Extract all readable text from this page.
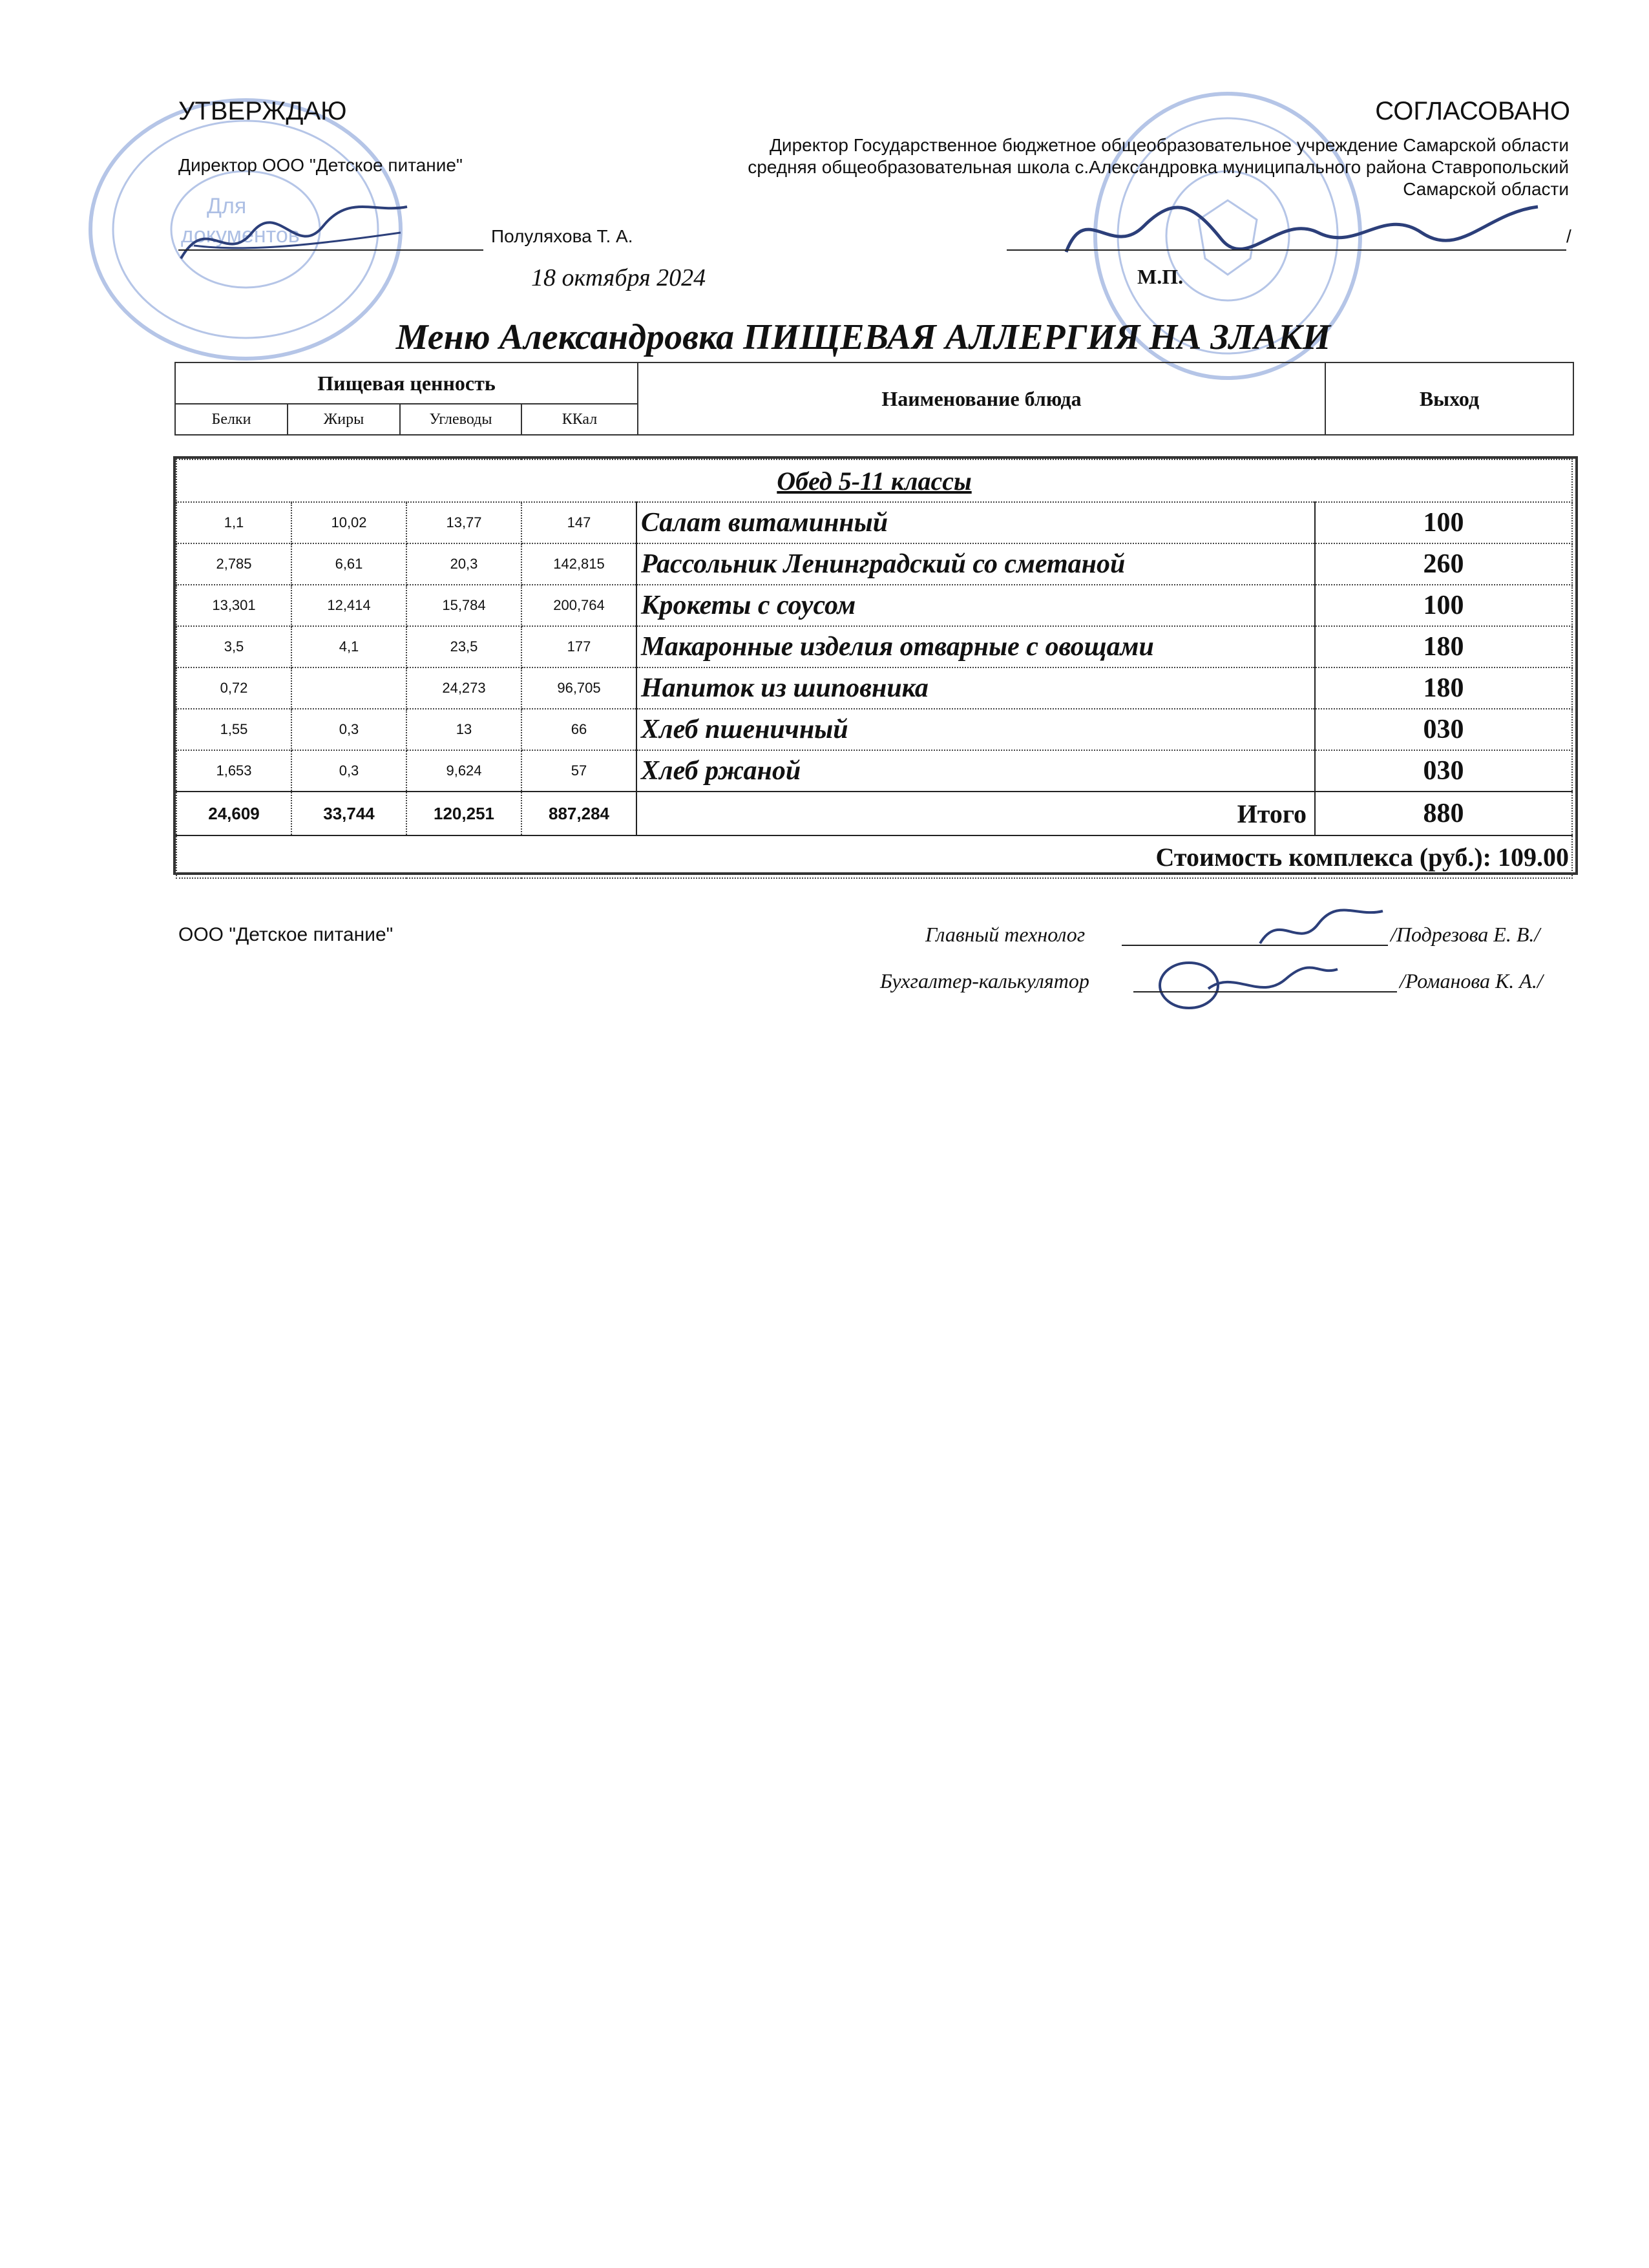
Для
документов
УТВЕРЖДАЮ
Директор ООО "Детское питание"
Полуляхова Т. А.
18 октября 2024
СОГЛАСОВАНО
Директор Государственное бюджетное общеобразовательное учреждение Самарской области средняя общеобразовательная школа с.Александровка муниципального района Ставропольский Самарской области
/
М.П.
Меню Александровка ПИЩЕВАЯ АЛЛЕРГИЯ НА ЗЛАКИ
Пищевая ценность				Наименование блюда	Выход
Белки	Жиры	Углеводы	ККал		
Обед 5-11 классы					
1,1	10,02	13,77	147	Салат витаминный	100
2,785	6,61	20,3	142,815	Рассольник Ленинградский со сметаной	260
13,301	12,414	15,784	200,764	Крокеты с соусом	100
3,5	4,1	23,5	177	Макаронные изделия отварные с овощами	180
0,72		24,273	96,705	Напиток из шиповника	180
1,55	0,3	13	66	Хлеб пшеничный	030
1,653	0,3	9,624	57	Хлеб ржаной	030
24,609	33,744	120,251	887,284	Итого	880
Стоимость комплекса (руб.): 109.00					
ООО "Детское питание"	Главный технолог	/Подрезова Е. В./
Бухгалтер-калькулятор	/Романова К. А./
